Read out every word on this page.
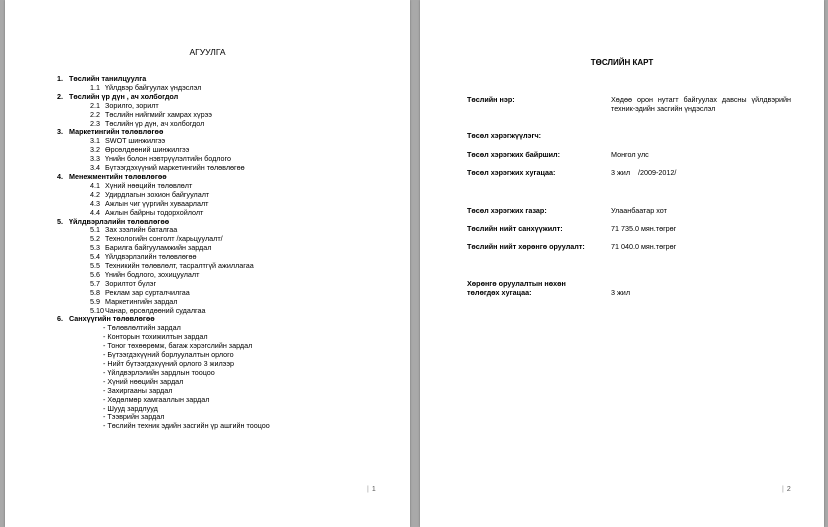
АГУУЛГА
1. Төслийн танилцуулга
1.1 Үйлдвэр байгуулах үндэслэл
2. Төслийн үр дүн , ач холбогдол
2.1 Зорилго, зорилт
2.2 Төслийн нийгмийг хамрах хүрээ
2.3 Төслийн үр дүн, ач холбогдол
3. Маркетингийн төлөвлөгөө
3.1 SWOT шинжилгээ
3.2 Өрсөлдөөний шинжилгээ
3.3 Үнийн болон нэвтрүүлэлтийн бодлого
3.4 Бүтээгдэхүүний маркетингийн төлөвлөгөө
4. Менежментийн төлөвлөгөө
4.1 Хүний нөөцийн төлөвлөлт
4.2 Удирдлагын зохион байгуулалт
4.3 Ажлын чиг үүргийн хуваарлалт
4.4 Ажлын байрны тодорхойлолт
5. Үйлдвэрлэлийн төлөвлөгөө
5.1 Зах зээлийн баталгаа
5.2 Технологийн сонголт /харьцуулалт/
5.3 Барилга байгууламжийн зардал
5.4 Үйлдвэрлэлийн төлөвлөгөө
5.5 Техникийн төлөвлөлт, тасралтгүй ажиллагаа
5.6 Үнийн бодлого, зохицуулалт
5.7 Зорилтот бүлэг
5.8 Реклам зар сурталчилгаа
5.9 Маркетингийн зардал
5.10Чанар, өрсөлдөөний судалгаа
6. Санхүүгийн төлөвлөгөө
- Төлөвлөлтийн зардал
- Конторын тохижилтын зардал
- Тоног төхөөрөмж, багаж хэрэгслийн зардал
- Бүтээгдэхүүний борлуулалтын орлого
- Нийт бүтээгдэхүүний орлого 3 жилээр
- Үйлдвэрлэлийн зардлын тооцоо
- Хүний нөөцийн зардал
- Захиргааны зардал
- Хөдөлмөр хамгааллын зардал
- Шууд зардлууд
- Тээврийн зардал
- Төслийн техник эдийн засгийн үр ашгийн тооцоо
| 1
ТӨСЛИЙН КАРТ
Төслийн нэр:	Хөдөө орон нутагт байгуулах давсны үйлдвэрийн техник-эдийн засгийн үндэслэл
Төсөл хэрэгжүүлэгч:
Төсөл хэрэгжих байршил:	Монгол улс
Төсөл хэрэгжих хугацаа:	3 жил    /2009-2012/
Төсөл хэрэгжих газар:	Улаанбаатар хот
Төслийн нийт санхүүжилт:	71 735.0 мян.төгрөг
Төслийн нийт хөрөнгө оруулалт:	71 040.0 мян.төгрөг
Хөрөнгө оруулалтын нөхөн төлөгдөх хугацаа:	3 жил
| 2
